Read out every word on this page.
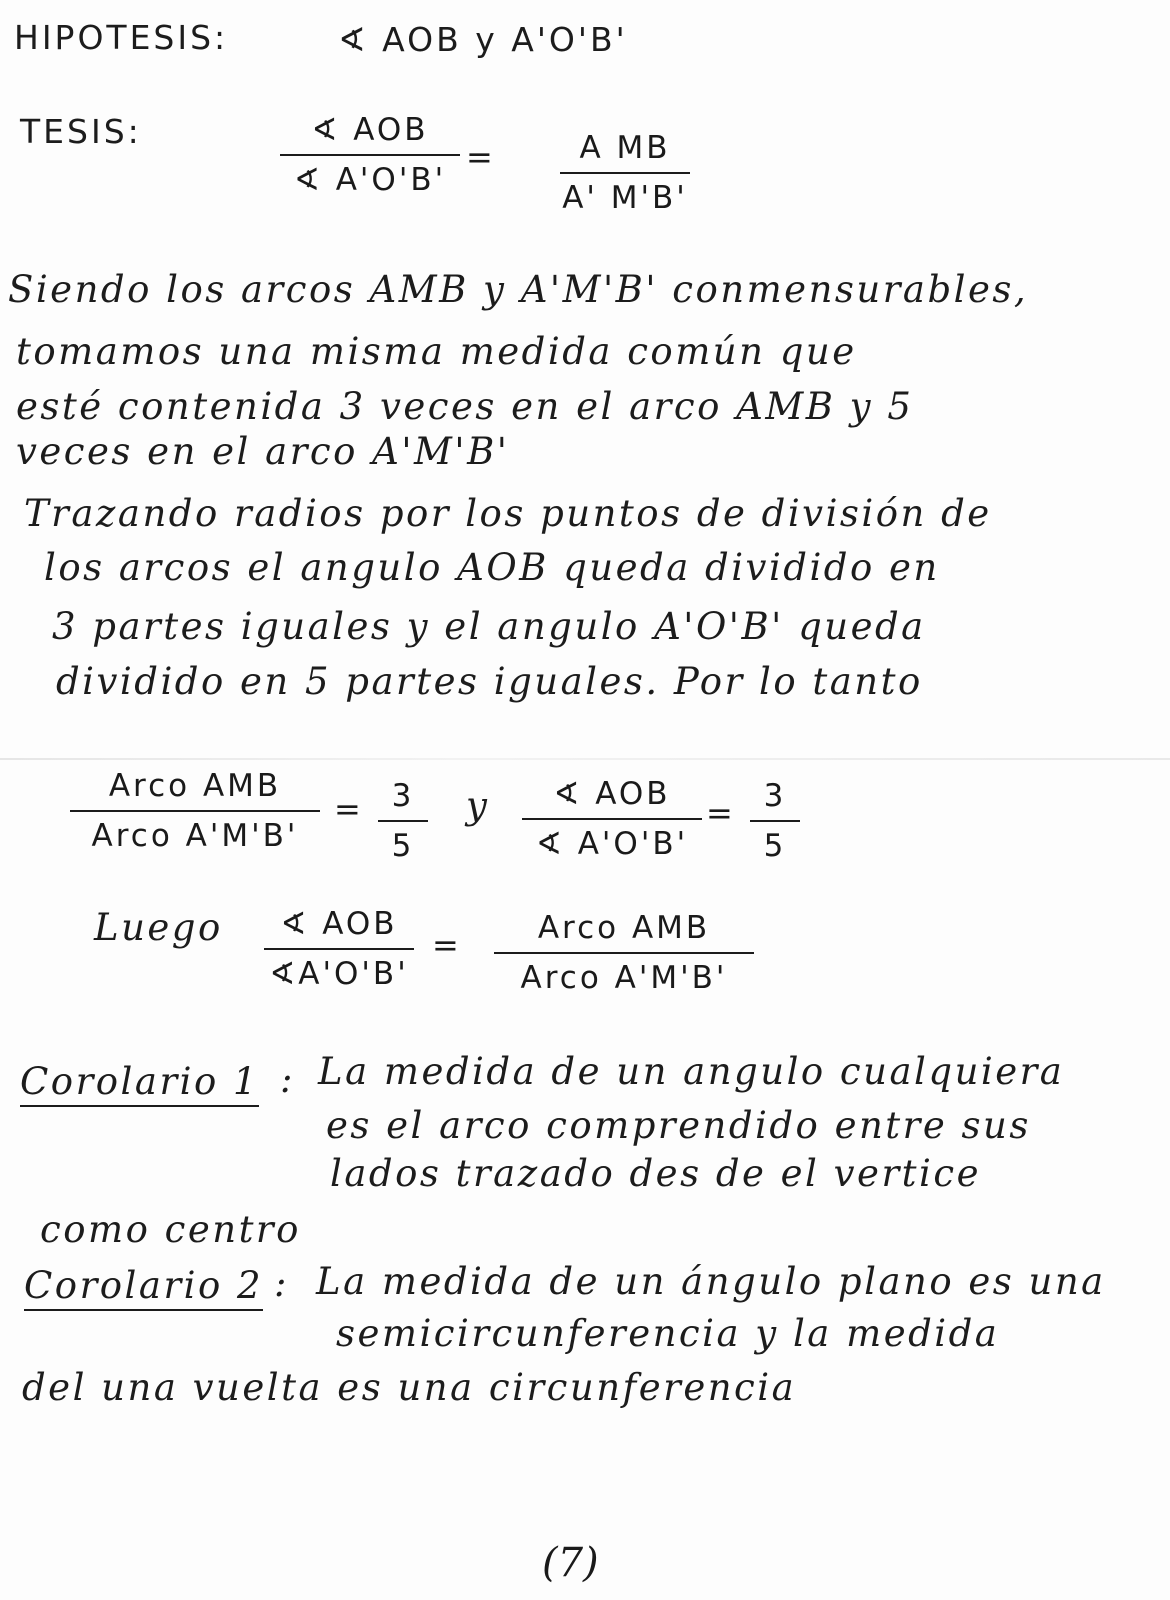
HIPOTESIS:	∢ AOB y A'O'B'
TESIS:	∢ AOB
∢ A'O'B'
=	A MB
A' M'B'
Siendo los arcos AMB y A'M'B' conmensurables,
tomamos una misma medida común que
esté contenida 3 veces en el arco AMB y 5
veces en el arco A'M'B'
Trazando radios por los puntos de división de
los arcos el angulo AOB queda dividido en
3 partes iguales y el angulo A'O'B' queda
dividido en 5 partes iguales. Por lo tanto
Arco AMB
Arco A'M'B'
= 3
5
y ∢ AOB
∢ A'O'B'
= 3
5
Luego ∢ AOB
∢A'O'B'
=	Arco AMB
Arco A'M'B'
Corolario 1 : La medida de un angulo cualquiera
es el arco comprendido entre sus
lados trazado des de el vertice
como centro
Corolario 2 : La medida de un ángulo plano es una
semicircunferencia y la medida
del una vuelta es una circunferencia
(7)
